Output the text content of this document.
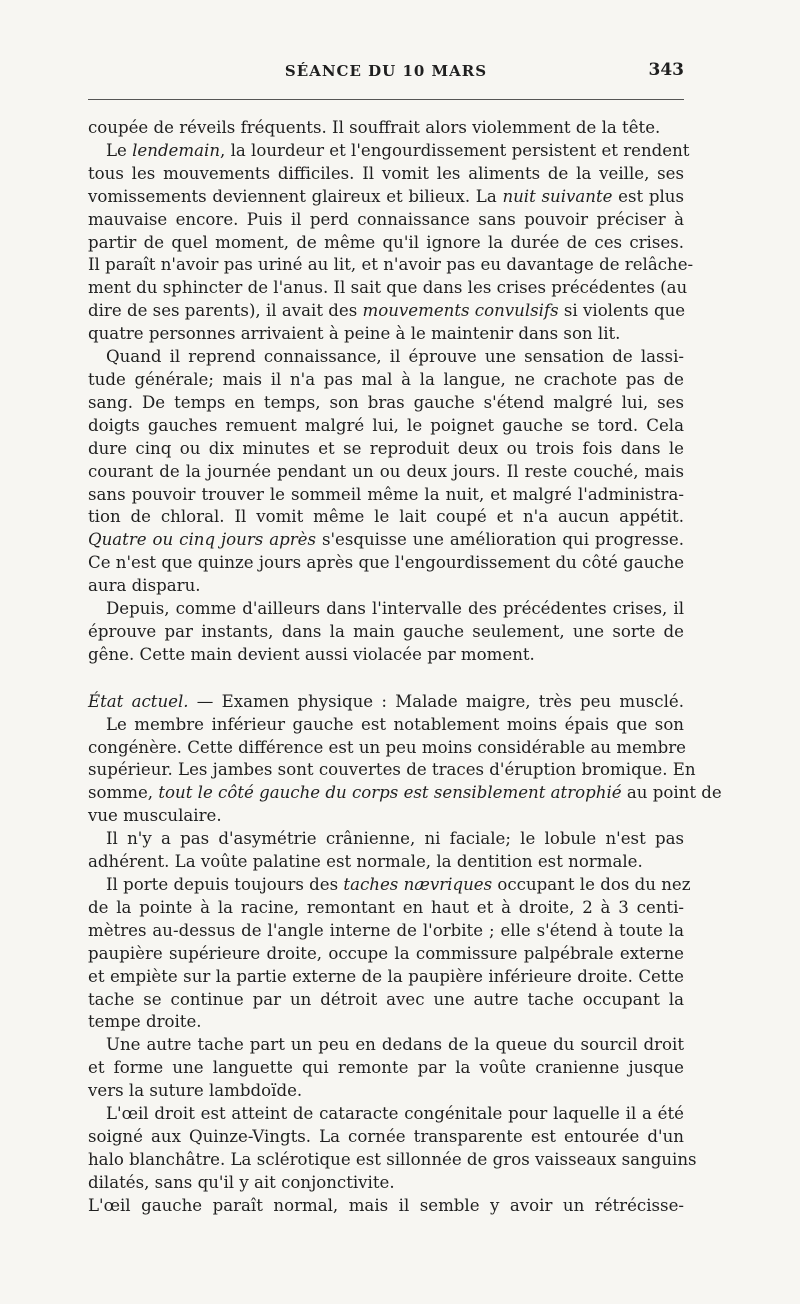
SÉANCE DU 10 MARS	343
coupée de réveils fréquents. Il souffrait alors violemment de la tête.
Le lendemain, la lourdeur et l'engourdissement persistent et rendent
tous les mouvements difficiles. Il vomit les aliments de la veille, ses
vomissements deviennent glaireux et bilieux. La nuit suivante est plus
mauvaise encore. Puis il perd connaissance sans pouvoir préciser à
partir de quel moment, de même qu'il ignore la durée de ces crises.
Il paraît n'avoir pas uriné au lit, et n'avoir pas eu davantage de relâche-
ment du sphincter de l'anus. Il sait que dans les crises précédentes (au
dire de ses parents), il avait des mouvements convulsifs si violents que
quatre personnes arrivaient à peine à le maintenir dans son lit.
Quand il reprend connaissance, il éprouve une sensation de lassi-
tude générale; mais il n'a pas mal à la langue, ne crachote pas de
sang. De temps en temps, son bras gauche s'étend malgré lui, ses
doigts gauches remuent malgré lui, le poignet gauche se tord. Cela
dure cinq ou dix minutes et se reproduit deux ou trois fois dans le
courant de la journée pendant un ou deux jours. Il reste couché, mais
sans pouvoir trouver le sommeil même la nuit, et malgré l'administra-
tion de chloral. Il vomit même le lait coupé et n'a aucun appétit.
Quatre ou cinq jours après s'esquisse une amélioration qui progresse.
Ce n'est que quinze jours après que l'engourdissement du côté gauche
aura disparu.
Depuis, comme d'ailleurs dans l'intervalle des précédentes crises, il
éprouve par instants, dans la main gauche seulement, une sorte de
gêne. Cette main devient aussi violacée par moment.
État actuel. — Examen physique : Malade maigre, très peu musclé.
Le membre inférieur gauche est notablement moins épais que son
congénère. Cette différence est un peu moins considérable au membre
supérieur. Les jambes sont couvertes de traces d'éruption bromique. En
somme, tout le côté gauche du corps est sensiblement atrophié au point de
vue musculaire.
Il n'y a pas d'asymétrie crânienne, ni faciale; le lobule n'est pas
adhérent. La voûte palatine est normale, la dentition est normale.
Il porte depuis toujours des taches nævriques occupant le dos du nez
de la pointe à la racine, remontant en haut et à droite, 2 à 3 centi-
mètres au-dessus de l'angle interne de l'orbite ; elle s'étend à toute la
paupière supérieure droite, occupe la commissure palpébrale externe
et empiète sur la partie externe de la paupière inférieure droite. Cette
tache se continue par un détroit avec une autre tache occupant la
tempe droite.
Une autre tache part un peu en dedans de la queue du sourcil droit
et forme une languette qui remonte par la voûte cranienne jusque
vers la suture lambdoïde.
L'œil droit est atteint de cataracte congénitale pour laquelle il a été
soigné aux Quinze-Vingts. La cornée transparente est entourée d'un
halo blanchâtre. La sclérotique est sillonnée de gros vaisseaux sanguins
dilatés, sans qu'il y ait conjonctivite.
L'œil gauche paraît normal, mais il semble y avoir un rétrécisse-
